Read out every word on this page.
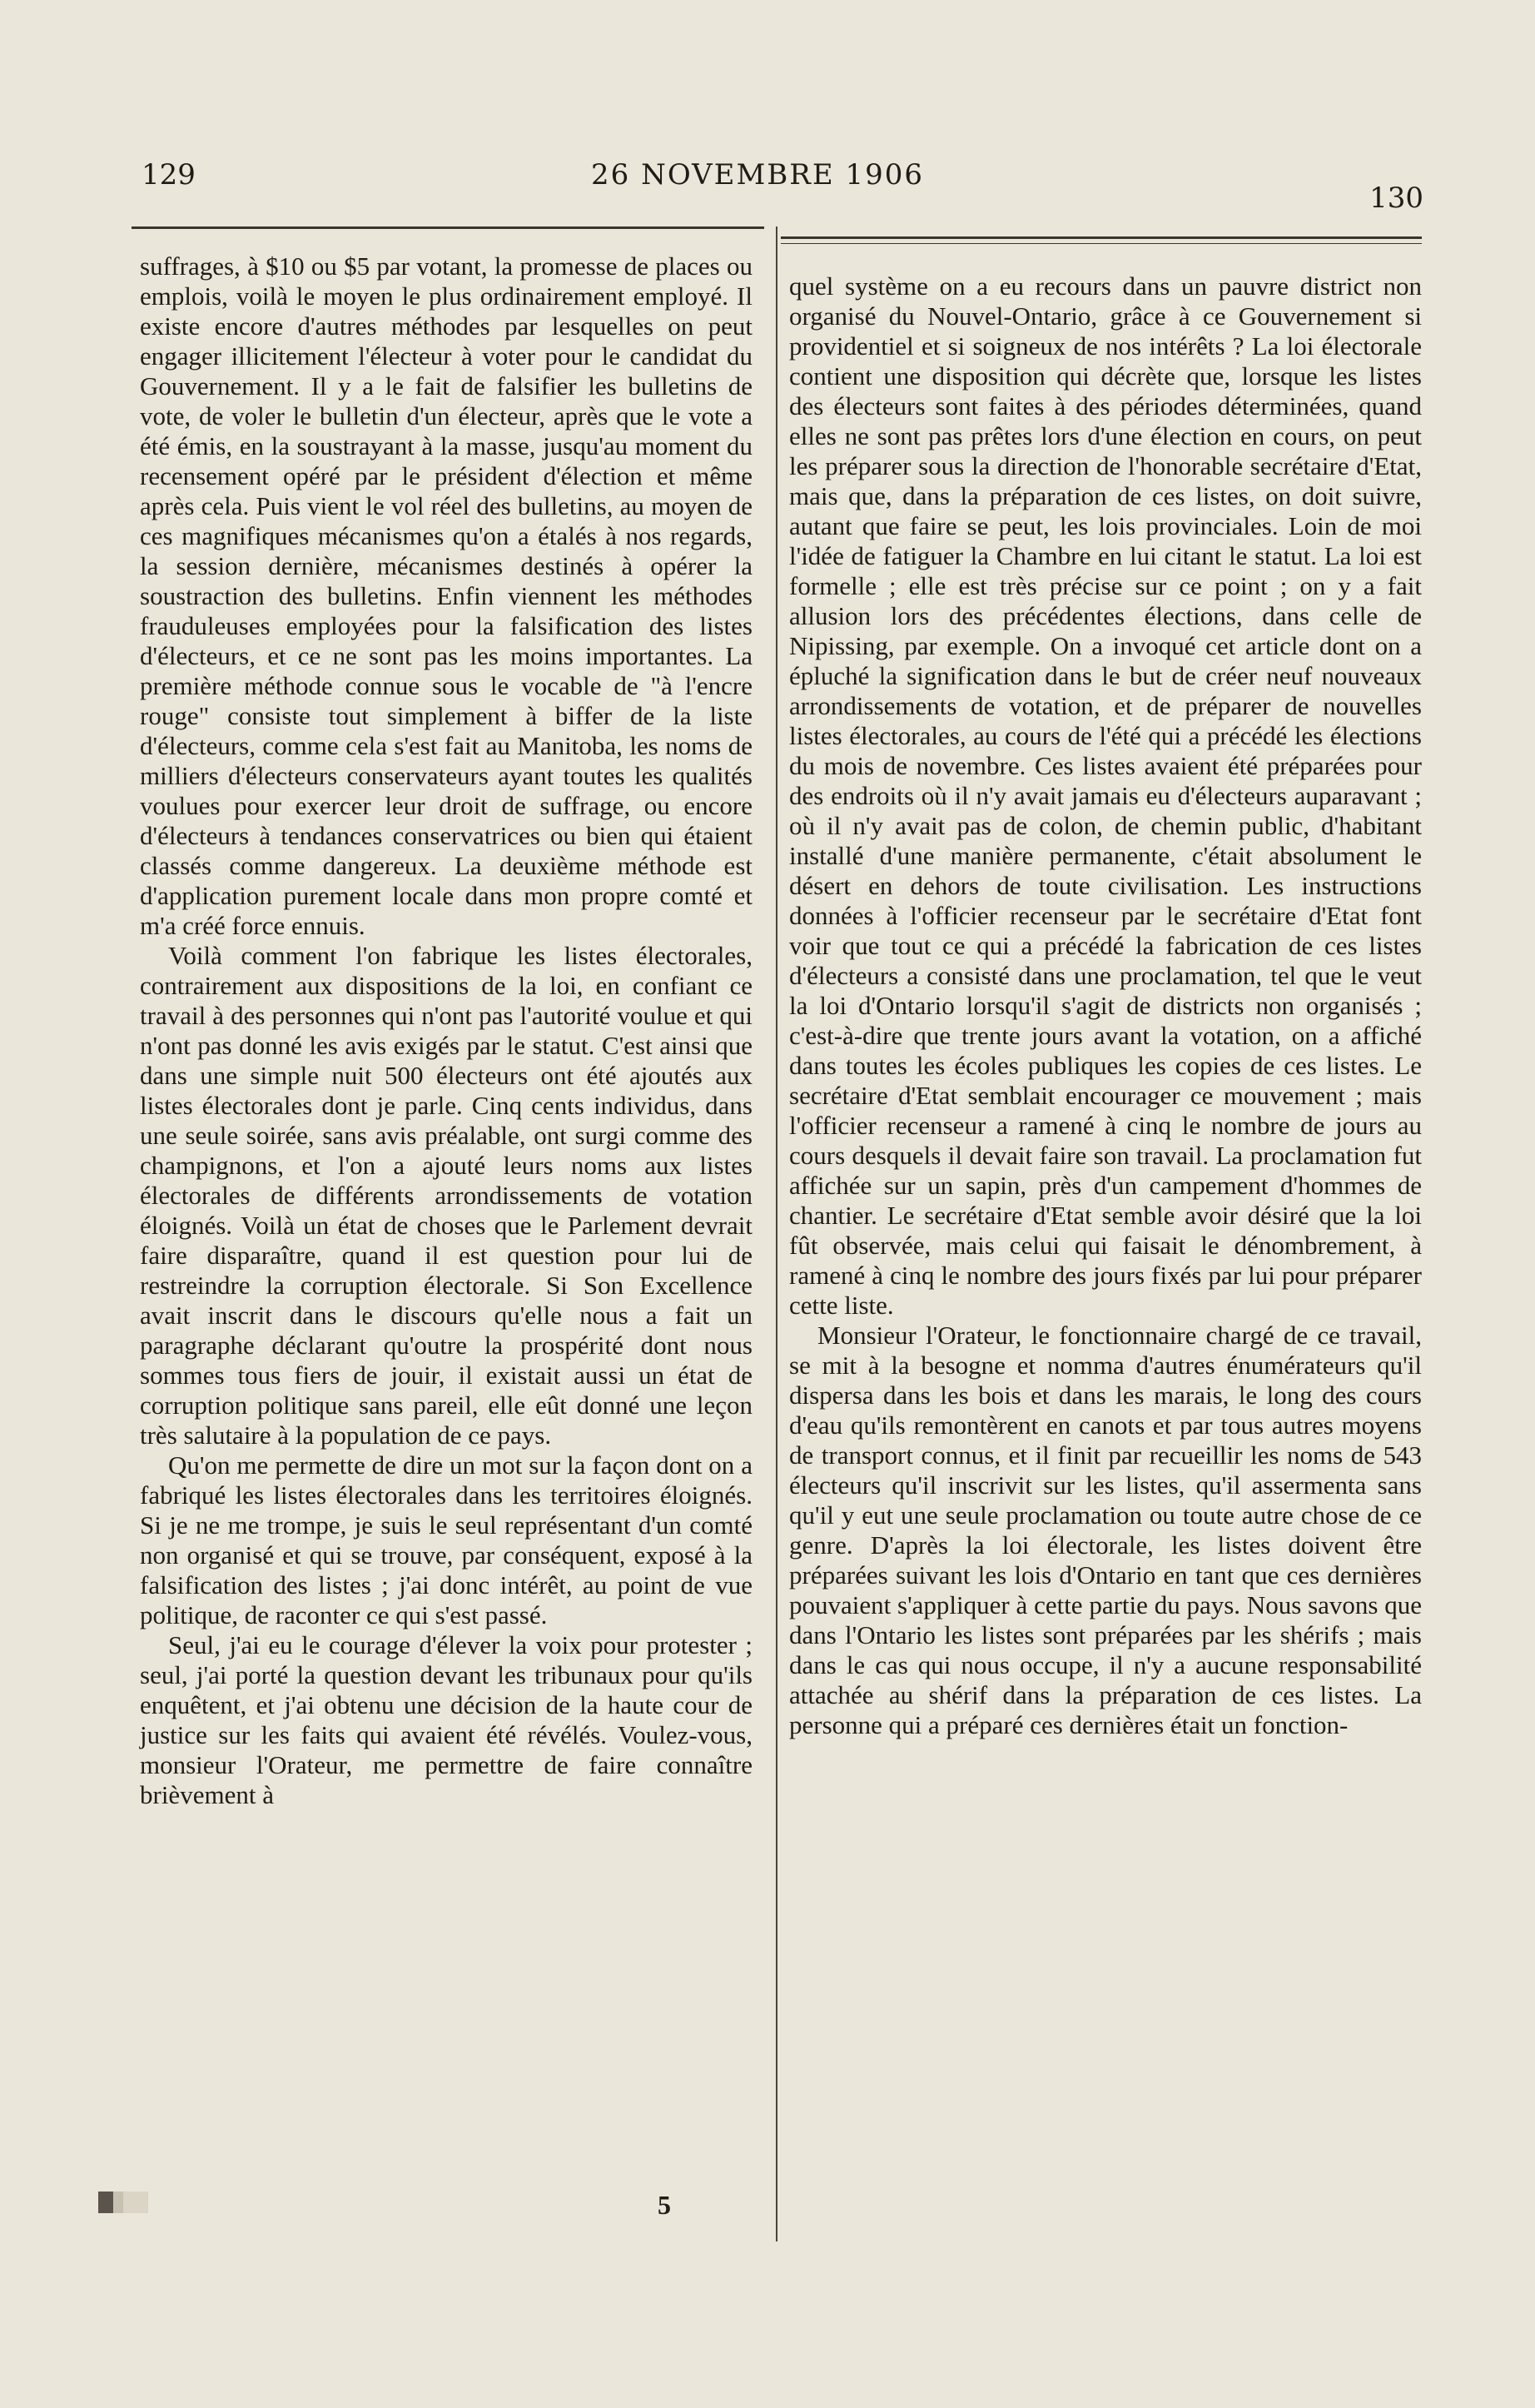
129	26 NOVEMBRE 1906
130

suffrages, à $10 ou $5 par votant, la promesse de places ou emplois, voilà le moyen le plus ordinairement employé. Il existe encore d'autres méthodes par lesquelles on peut engager illicitement l'électeur à voter pour le candidat du Gouvernement. Il y a le fait de falsifier les bulletins de vote, de voler le bulletin d'un électeur, après que le vote a été émis, en la soustrayant à la masse, jusqu'au moment du recensement opéré par le président d'élection et même après cela. Puis vient le vol réel des bulletins, au moyen de ces magnifiques mécanismes qu'on a étalés à nos regards, la session dernière, mécanismes destinés à opérer la soustraction des bulletins. Enfin viennent les méthodes frauduleuses employées pour la falsification des listes d'électeurs, et ce ne sont pas les moins importantes. La première méthode connue sous le vocable de "à l'encre rouge" consiste tout simplement à biffer de la liste d'électeurs, comme cela s'est fait au Manitoba, les noms de milliers d'électeurs conservateurs ayant toutes les qualités voulues pour exercer leur droit de suffrage, ou encore d'électeurs à tendances conservatrices ou bien qui étaient classés comme dangereux. La deuxième méthode est d'application purement locale dans mon propre comté et m'a créé force ennuis.

Voilà comment l'on fabrique les listes électorales, contrairement aux dispositions de la loi, en confiant ce travail à des personnes qui n'ont pas l'autorité voulue et qui n'ont pas donné les avis exigés par le statut. C'est ainsi que dans une simple nuit 500 électeurs ont été ajoutés aux listes électorales dont je parle. Cinq cents individus, dans une seule soirée, sans avis préalable, ont surgi comme des champignons, et l'on a ajouté leurs noms aux listes électorales de différents arrondissements de votation éloignés. Voilà un état de choses que le Parlement devrait faire disparaître, quand il est question pour lui de restreindre la corruption électorale. Si Son Excellence avait inscrit dans le discours qu'elle nous a fait un paragraphe déclarant qu'outre la prospérité dont nous sommes tous fiers de jouir, il existait aussi un état de corruption politique sans pareil, elle eût donné une leçon très salutaire à la population de ce pays.

Qu'on me permette de dire un mot sur la façon dont on a fabriqué les listes électorales dans les territoires éloignés. Si je ne me trompe, je suis le seul représentant d'un comté non organisé et qui se trouve, par conséquent, exposé à la falsification des listes ; j'ai donc intérêt, au point de vue politique, de raconter ce qui s'est passé.

Seul, j'ai eu le courage d'élever la voix pour protester ; seul, j'ai porté la question devant les tribunaux pour qu'ils enquêtent, et j'ai obtenu une décision de la haute cour de justice sur les faits qui avaient été révélés. Voulez-vous, monsieur l'Orateur, me permettre de faire connaître brièvement à

quel système on a eu recours dans un pauvre district non organisé du Nouvel-Ontario, grâce à ce Gouvernement si providentiel et si soigneux de nos intérêts ? La loi électorale contient une disposition qui décrète que, lorsque les listes des électeurs sont faites à des périodes déterminées, quand elles ne sont pas prêtes lors d'une élection en cours, on peut les préparer sous la direction de l'honorable secrétaire d'Etat, mais que, dans la préparation de ces listes, on doit suivre, autant que faire se peut, les lois provinciales. Loin de moi l'idée de fatiguer la Chambre en lui citant le statut. La loi est formelle ; elle est très précise sur ce point ; on y a fait allusion lors des précédentes élections, dans celle de Nipissing, par exemple. On a invoqué cet article dont on a épluché la signification dans le but de créer neuf nouveaux arrondissements de votation, et de préparer de nouvelles listes électorales, au cours de l'été qui a précédé les élections du mois de novembre. Ces listes avaient été préparées pour des endroits où il n'y avait jamais eu d'électeurs auparavant ; où il n'y avait pas de colon, de chemin public, d'habitant installé d'une manière permanente, c'était absolument le désert en dehors de toute civilisation. Les instructions données à l'officier recenseur par le secrétaire d'Etat font voir que tout ce qui a précédé la fabrication de ces listes d'électeurs a consisté dans une proclamation, tel que le veut la loi d'Ontario lorsqu'il s'agit de districts non organisés ; c'est-à-dire que trente jours avant la votation, on a affiché dans toutes les écoles publiques les copies de ces listes. Le secrétaire d'Etat semblait encourager ce mouvement ; mais l'officier recenseur a ramené à cinq le nombre de jours au cours desquels il devait faire son travail. La proclamation fut affichée sur un sapin, près d'un campement d'hommes de chantier. Le secrétaire d'Etat semble avoir désiré que la loi fût observée, mais celui qui faisait le dénombrement, à ramené à cinq le nombre des jours fixés par lui pour préparer cette liste.

Monsieur l'Orateur, le fonctionnaire chargé de ce travail, se mit à la besogne et nomma d'autres énumérateurs qu'il dispersa dans les bois et dans les marais, le long des cours d'eau qu'ils remontèrent en canots et par tous autres moyens de transport connus, et il finit par recueillir les noms de 543 électeurs qu'il inscrivit sur les listes, qu'il assermenta sans qu'il y eut une seule proclamation ou toute autre chose de ce genre. D'après la loi électorale, les listes doivent être préparées suivant les lois d'Ontario en tant que ces dernières pouvaient s'appliquer à cette partie du pays. Nous savons que dans l'Ontario les listes sont préparées par les shérifs ; mais dans le cas qui nous occupe, il n'y a aucune responsabilité attachée au shérif dans la préparation de ces listes. La personne qui a préparé ces dernières était un fonction-

5
